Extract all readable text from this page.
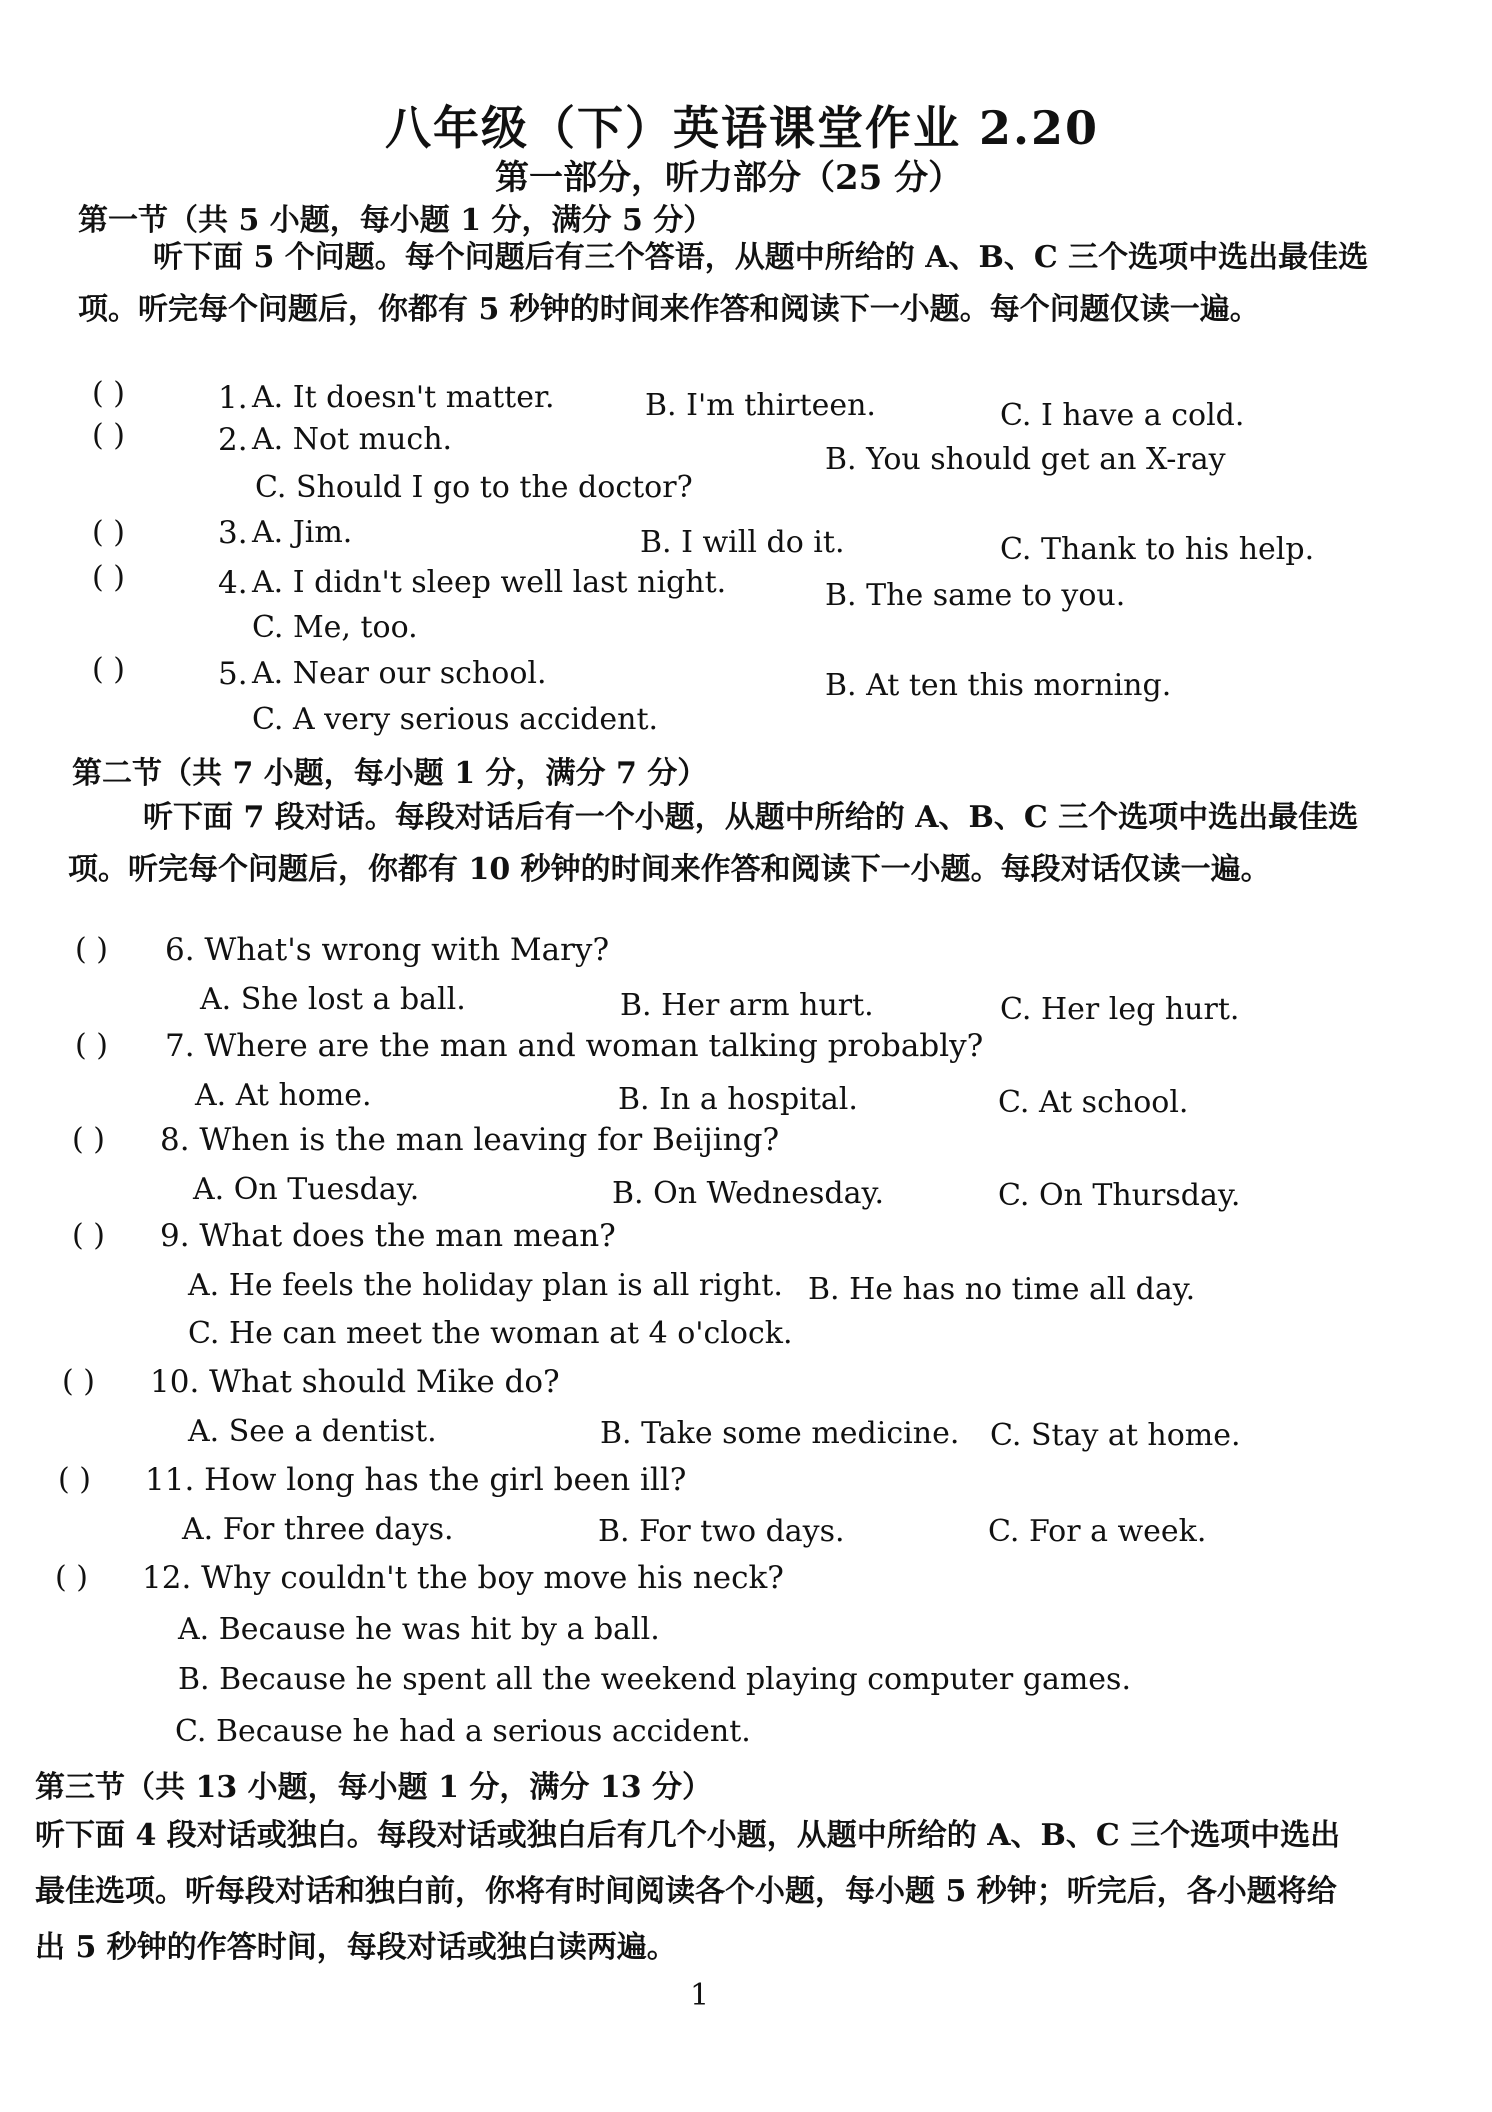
八年级（下）英语课堂作业 2.20
第一部分，听力部分（25 分）
第一节（共 5 小题，每小题 1 分，满分 5 分）
听下面 5 个问题。每个问题后有三个答语，从题中所给的 A、B、C 三个选项中选出最佳选项。听完每个问题后，你都有 5 秒钟的时间来作答和阅读下一小题。每个问题仅读一遍。
( )	1. A. It doesn't matter.	B. I'm thirteen.	C. I have a cold.
( )	2. A. Not much.
B. You should get an X-ray
C. Should I go to the doctor?
( )	3. A. Jim.	B. I will do it.	C. Thank to his help.
( )	4. A. I didn't sleep well last night.	B. The same to you.
C. Me, too.
( )	5. A. Near our school.	B. At ten this morning.
C. A very serious accident.
第二节（共 7 小题，每小题 1 分，满分 7 分）
听下面 7 段对话。每段对话后有一个小题，从题中所给的 A、B、C 三个选项中选出最佳选项。听完每个问题后，你都有 10 秒钟的时间来作答和阅读下一小题。每段对话仅读一遍。
( ) 6. What's wrong with Mary?
A. She lost a ball.	B. Her arm hurt.	C. Her leg hurt.
( ) 7. Where are the man and woman talking probably?
A. At home.	B. In a hospital.	C. At school.
( ) 8. When is the man leaving for Beijing?
A. On Tuesday.	B. On Wednesday.	C. On Thursday.
( ) 9. What does the man mean?
A. He feels the holiday plan is all right. B. He has no time all day.
C. He can meet the woman at 4 o'clock.
( ) 10. What should Mike do?
A. See a dentist.	B. Take some medicine. C. Stay at home.
( ) 11. How long has the girl been ill?
A. For three days.	B. For two days.	C. For a week.
( ) 12. Why couldn't the boy move his neck?
A. Because he was hit by a ball.
B. Because he spent all the weekend playing computer games.
C. Because he had a serious accident.
第三节（共 13 小题，每小题 1 分，满分 13 分）
听下面 4 段对话或独白。每段对话或独白后有几个小题，从题中所给的 A、B、C 三个选项中选出最佳选项。听每段对话和独白前，你将有时间阅读各个小题，每小题 5 秒钟；听完后，各小题将给出 5 秒钟的作答时间，每段对话或独白读两遍。
1
